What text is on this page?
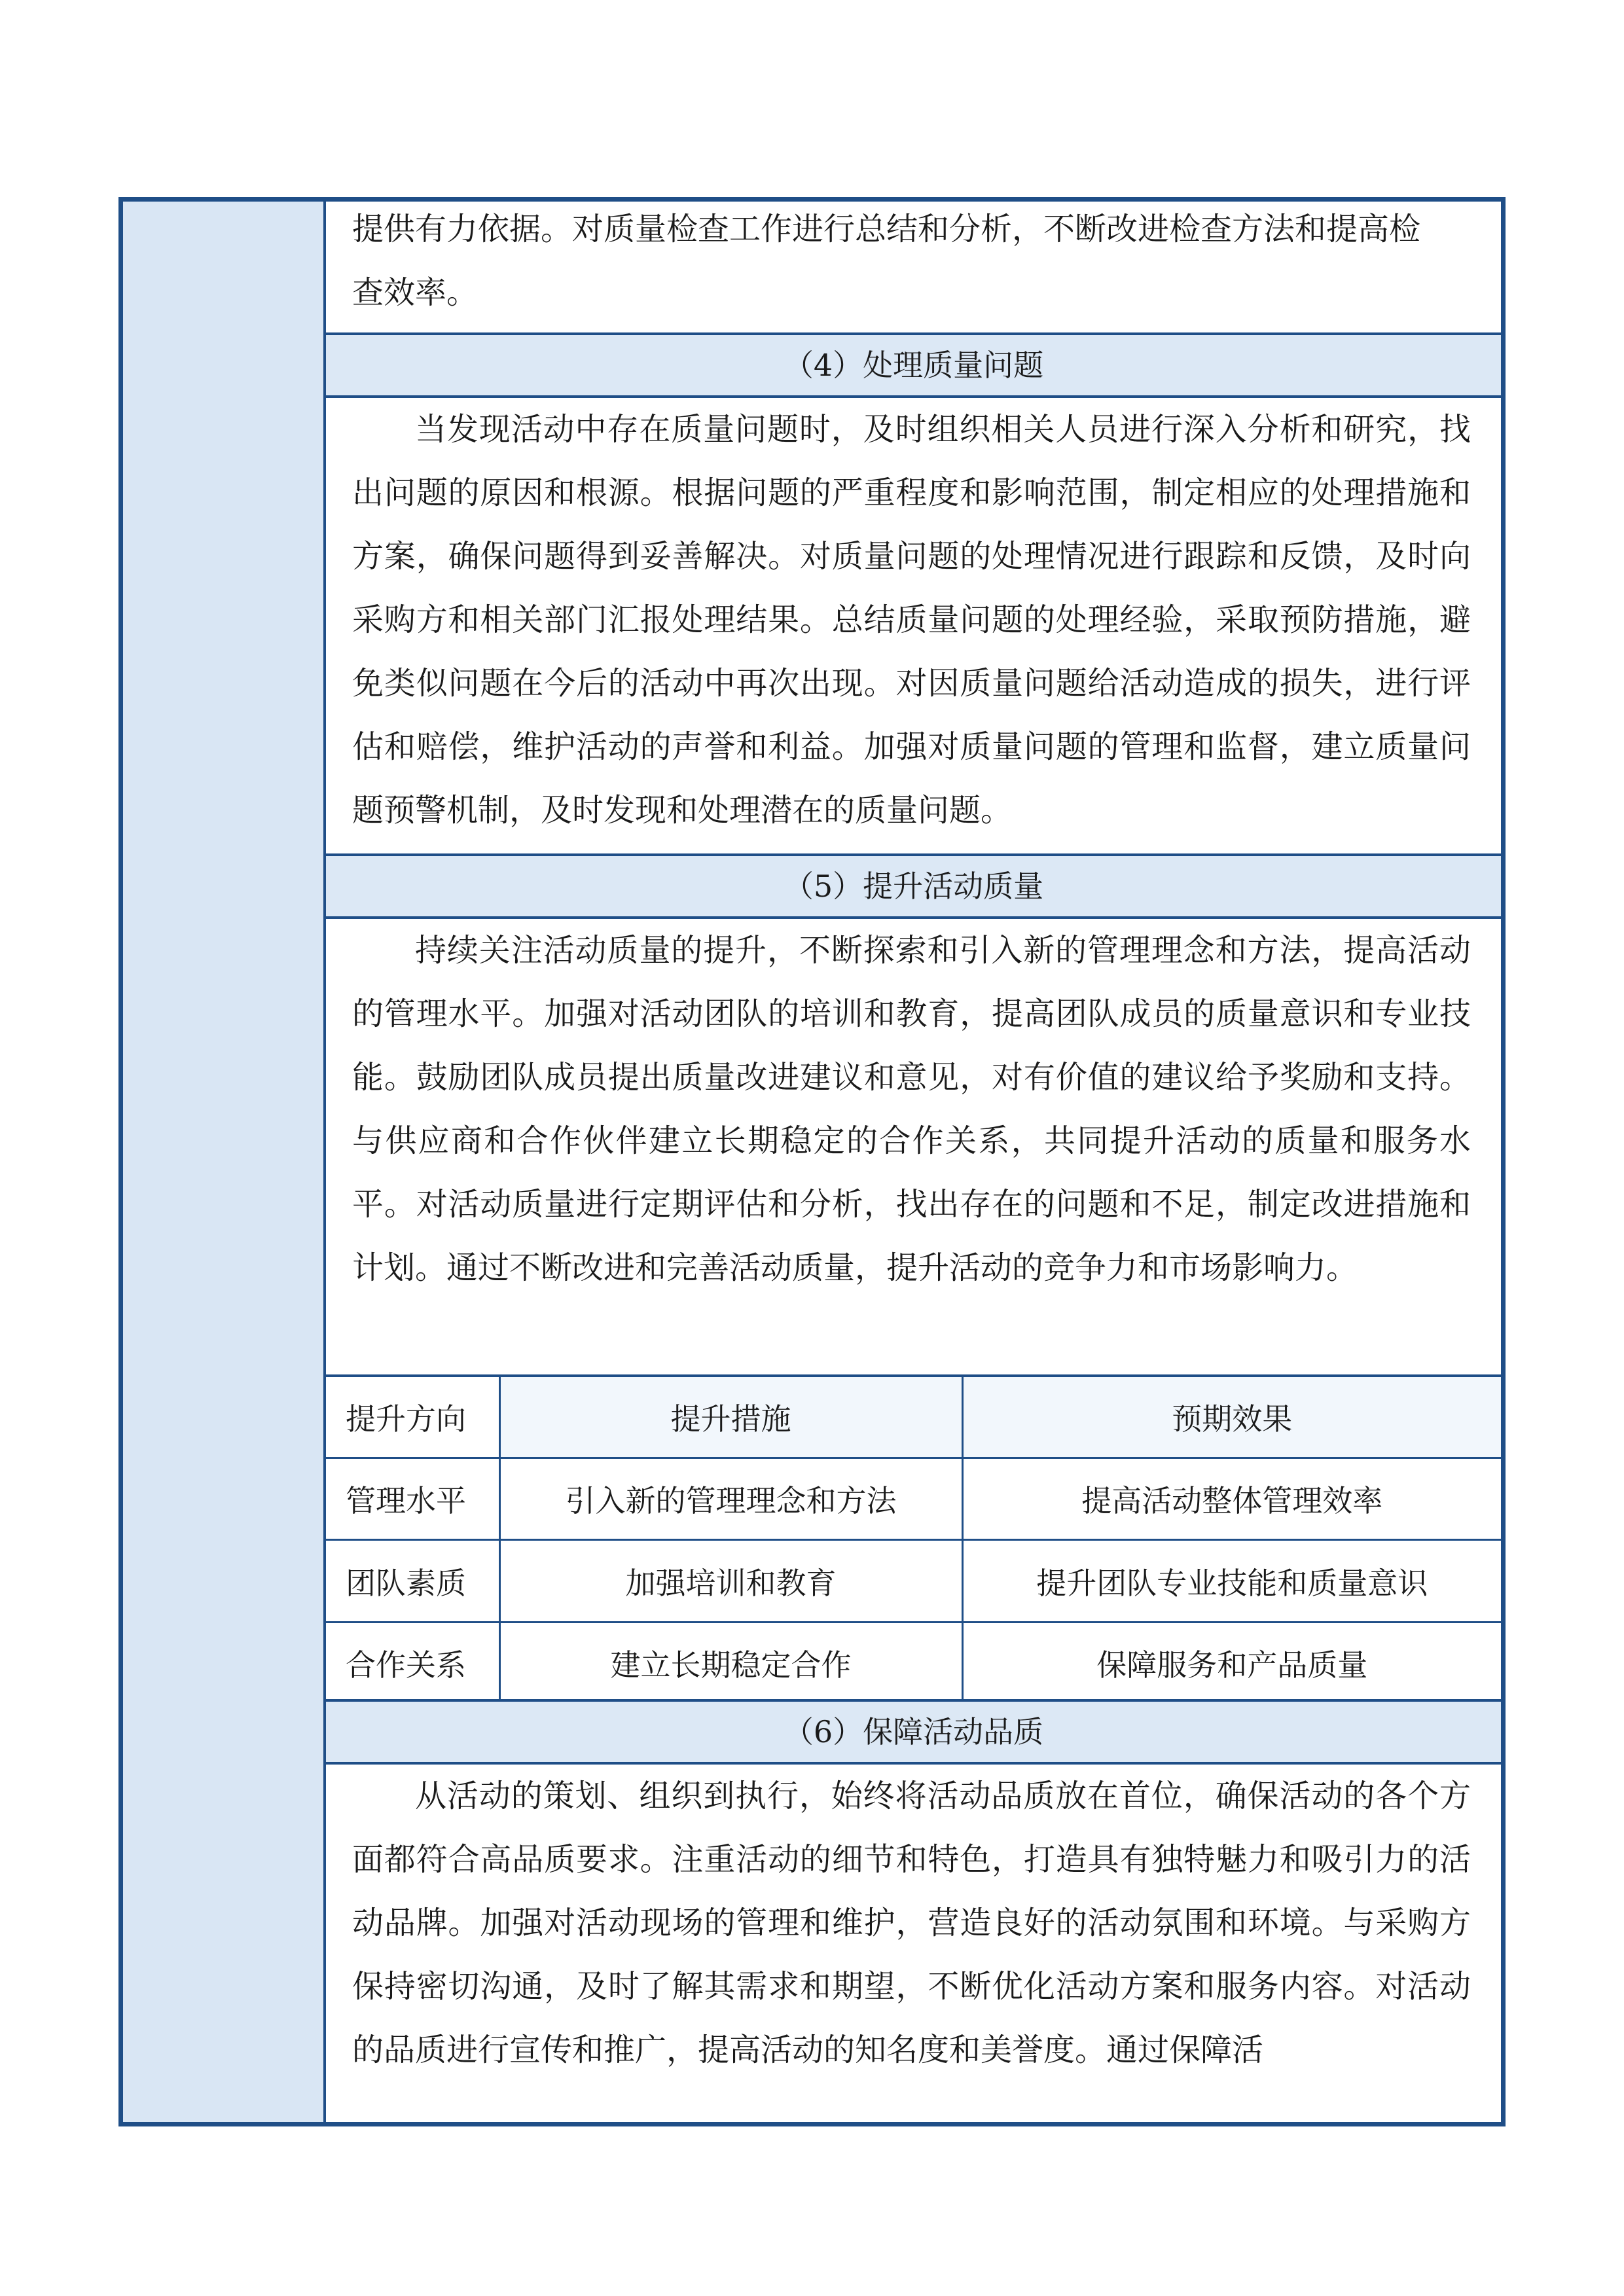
提供有力依据。对质量检查工作进行总结和分析，不断改进检查方法和提高检

查效率。

（4）处理质量问题

当发现活动中存在质量问题时，及时组织相关人员进行深入分析和研究，找出问题的原因和根源。根据问题的严重程度和影响范围，制定相应的处理措施和方案，确保问题得到妥善解决。对质量问题的处理情况进行跟踪和反馈，及时向采购方和相关部门汇报处理结果。总结质量问题的处理经验，采取预防措施，避免类似问题在今后的活动中再次出现。对因质量问题给活动造成的损失，进行评估和赔偿，维护活动的声誉和利益。加强对质量问题的管理和监督，建立质量问题预警机制，及时发现和处理潜在的质量问题。

（5）提升活动质量

持续关注活动质量的提升，不断探索和引入新的管理理念和方法，提高活动的管理水平。加强对活动团队的培训和教育，提高团队成员的质量意识和专业技能。鼓励团队成员提出质量改进建议和意见，对有价值的建议给予奖励和支持。与供应商和合作伙伴建立长期稳定的合作关系，共同提升活动的质量和服务水平。对活动质量进行定期评估和分析，找出存在的问题和不足，制定改进措施和计划。通过不断改进和完善活动质量，提升活动的竞争力和市场影响力。

提升方向	提升措施	预期效果
管理水平	引入新的管理理念和方法	提高活动整体管理效率
团队素质	加强培训和教育	提升团队专业技能和质量意识
合作关系	建立长期稳定合作	保障服务和产品质量
（6）保障活动品质

从活动的策划、组织到执行，始终将活动品质放在首位，确保活动的各个方面都符合高品质要求。注重活动的细节和特色，打造具有独特魅力和吸引力的活动品牌。加强对活动现场的管理和维护，营造良好的活动氛围和环境。与采购方保持密切沟通，及时了解其需求和期望，不断优化活动方案和服务内容。对活动的品质进行宣传和推广，提高活动的知名度和美誉度。通过保障活
